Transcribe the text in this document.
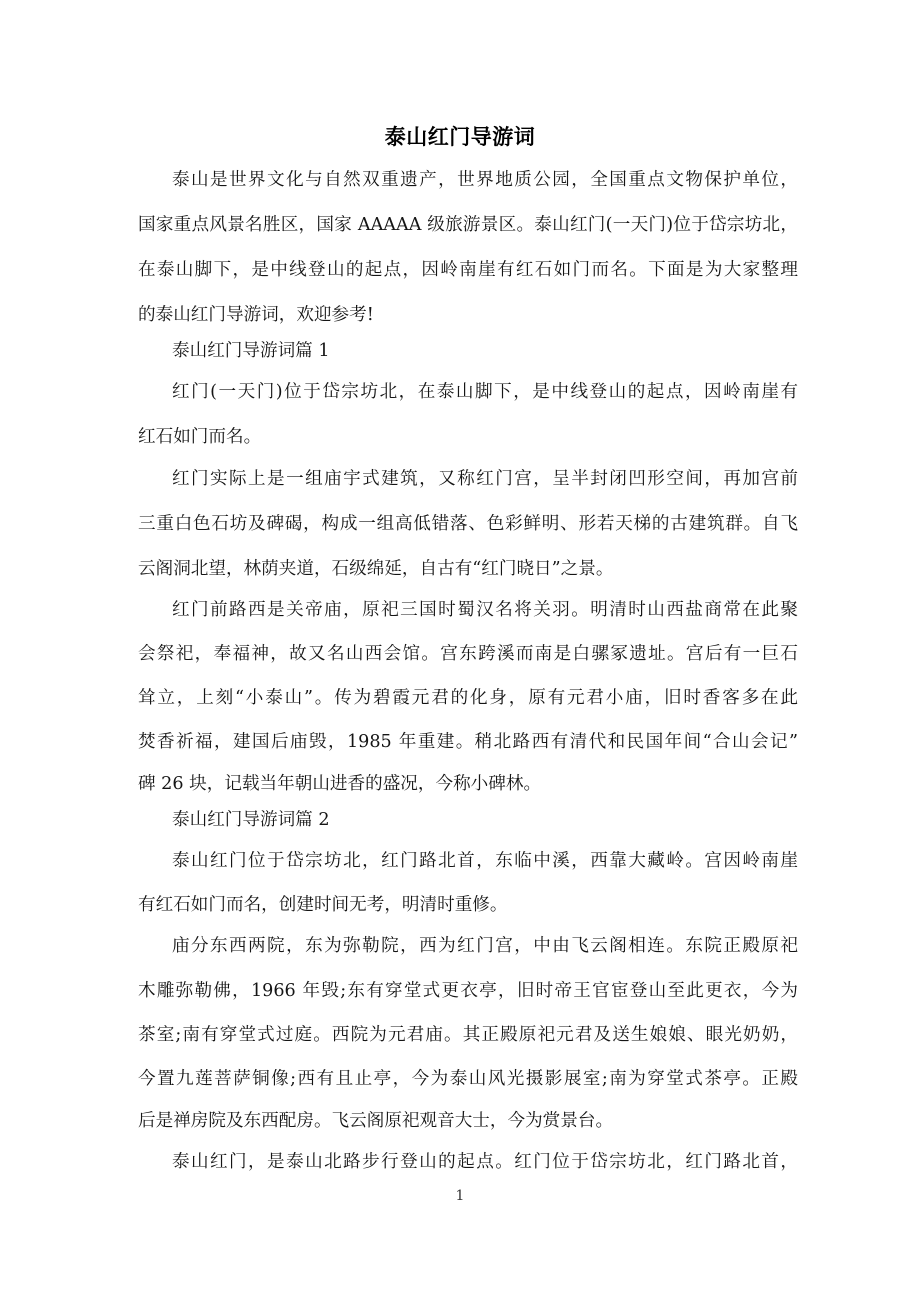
泰山红门导游词
泰山是世界文化与自然双重遗产，世界地质公园，全国重点文物保护单位，
国家重点风景名胜区，国家 AAAAA 级旅游景区。泰山红门(一天门)位于岱宗坊北，
在泰山脚下，是中线登山的起点，因岭南崖有红石如门而名。下面是为大家整理
的泰山红门导游词，欢迎参考!
泰山红门导游词篇 1
红门(一天门)位于岱宗坊北，在泰山脚下，是中线登山的起点，因岭南崖有
红石如门而名。
红门实际上是一组庙宇式建筑，又称红门宫，呈半封闭凹形空间，再加宫前
三重白色石坊及碑碣，构成一组高低错落、色彩鲜明、形若天梯的古建筑群。自飞
云阁洞北望，林荫夹道，石级绵延，自古有“红门晓日”之景。
红门前路西是关帝庙，原祀三国时蜀汉名将关羽。明清时山西盐商常在此聚
会祭祀，奉福神，故又名山西会馆。宫东跨溪而南是白骡冢遗址。宫后有一巨石
耸立，上刻“小泰山”。传为碧霞元君的化身，原有元君小庙，旧时香客多在此
焚香祈福，建国后庙毁，1985 年重建。稍北路西有清代和民国年间“合山会记”
碑 26 块，记载当年朝山进香的盛况，今称小碑林。
泰山红门导游词篇 2
泰山红门位于岱宗坊北，红门路北首，东临中溪，西靠大藏岭。宫因岭南崖
有红石如门而名，创建时间无考，明清时重修。
庙分东西两院，东为弥勒院，西为红门宫，中由飞云阁相连。东院正殿原祀
木雕弥勒佛，1966 年毁;东有穿堂式更衣亭，旧时帝王官宦登山至此更衣，今为
茶室;南有穿堂式过庭。西院为元君庙。其正殿原祀元君及送生娘娘、眼光奶奶，
今置九莲菩萨铜像;西有且止亭，今为泰山风光摄影展室;南为穿堂式茶亭。正殿
后是禅房院及东西配房。飞云阁原祀观音大士，今为赏景台。
泰山红门，是泰山北路步行登山的起点。红门位于岱宗坊北，红门路北首，
1
